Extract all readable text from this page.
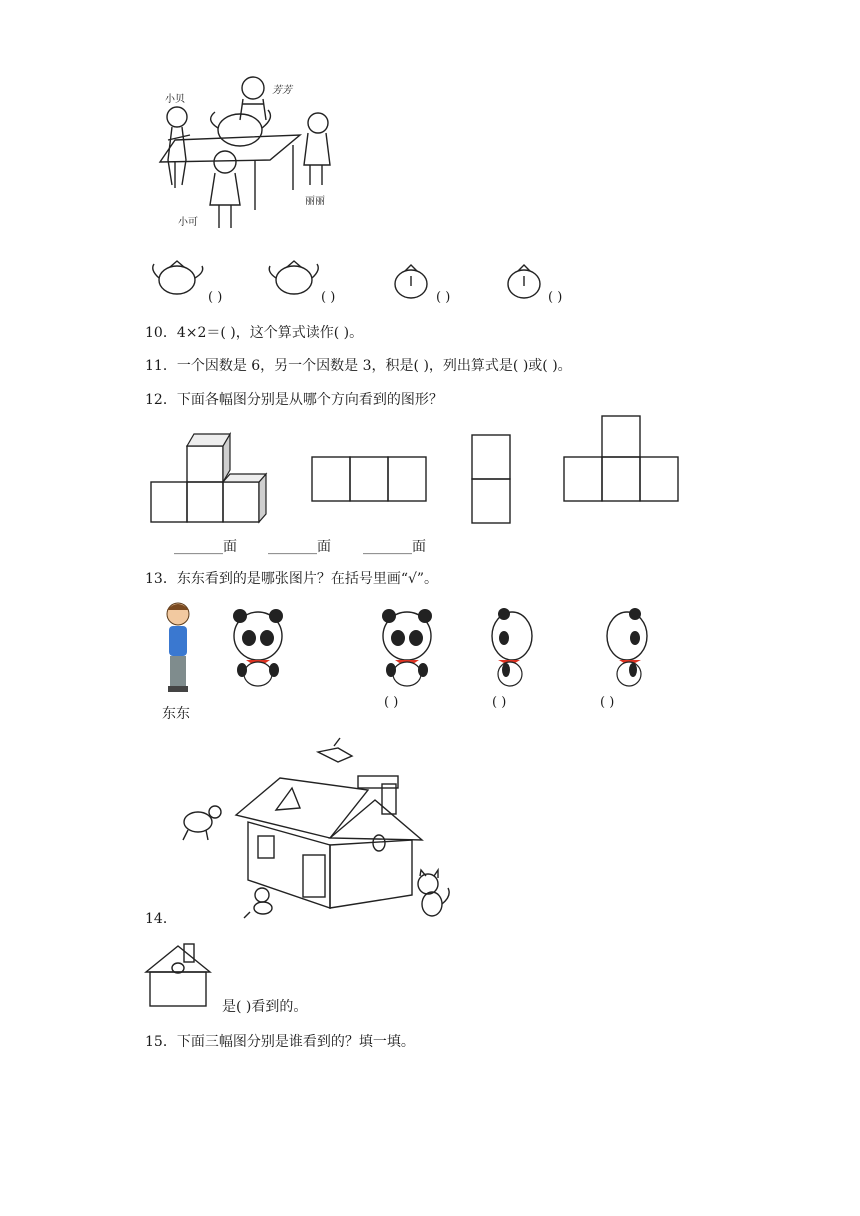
小贝
芳芳
丽丽
小可
( )	( )	( )	( )
10．4×2＝( )，这个算式读作( )。
11．一个因数是 6，另一个因数是 3，积是( )，列出算式是( )或( )。
12．下面各幅图分别是从哪个方向看到的图形？
_______面 _______面 _______面
13．东东看到的是哪张图片？在括号里画“√”。
东东
( )	( )	( )
14．
是( )看到的。
15．下面三幅图分别是谁看到的？填一填。
